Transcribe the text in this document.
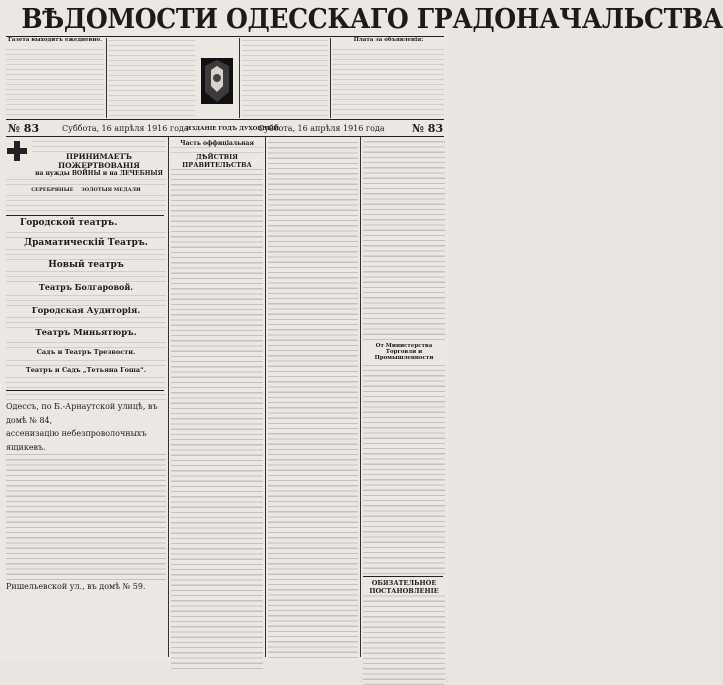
ВѢДОМОСТИ ОДЕССКАГО ГРАДОНАЧАЛЬСТВА
Газета выходитъ ежедневно.	Плата за объявленія:
№ 83	Суббота, 16 апрѣля 1916 года
ИЗДАНІЕ ГОДЪ ДУХОВНЫЙ
Суббота, 16 апрѣля 1916 года № 83
ПРИНИМАЕТЪ ПОЖЕРТВОВАНІЯ
на нужды ВОЙНЫ и на ЛЕЧЕБНЫЯ
СЕРЕБРЯНЫЕ ЗОЛОТЫЯ МЕДАЛИ
Городской театръ.
Драматическій Театръ.
Новый театръ
Театръ Болгаровой.
Городская Аудиторія.
Театръ Миньятюръ.
Садъ и Театръ Трезвости.
Театръ и Садъ „Тетьяна Гоша“.
Одессъ, по Б.-Арнаутской улицѣ, въ домѣ № 84,
ассенизацію небезпроволочныхъ ящикевъ.
Ришельевской ул., въ домѣ № 59.
Часть оффиціальная
ДѢЙСТВІЯ ПРАВИТЕЛЬСТВА
От Министерства Торговли и Промышленности
ОБЯЗАТЕЛЬНОЕ ПОСТАНОВЛЕНІЕ
